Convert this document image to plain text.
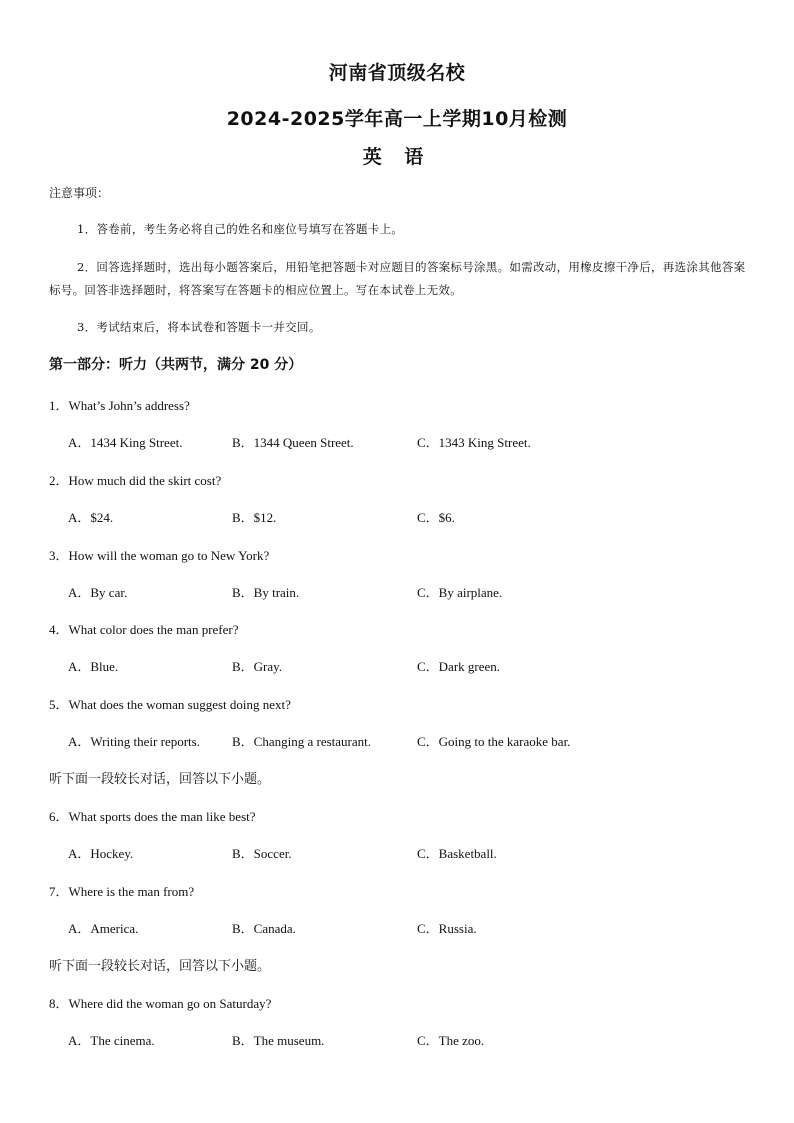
河南省顶级名校
2024-2025学年高一上学期10月检测
英 语
注意事项：
1．答卷前，考生务必将自己的姓名和座位号填写在答题卡上。
2．回答选择题时，选出每小题答案后，用铅笔把答题卡对应题目的答案标号涂黑。如需改动，用橡皮擦干净后，再选涂其他答案标号。回答非选择题时，将答案写在答题卡的相应位置上。写在本试卷上无效。
3．考试结束后，将本试卷和答题卡一并交回。
第一部分：听力（共两节，满分 20 分）
1．What’s John’s address?
A．1434 King Street.	B．1344 Queen Street.	C．1343 King Street.
2．How much did the skirt cost?
A．$24.	B．$12.	C．$6.
3．How will the woman go to New York?
A．By car.	B．By train.	C．By airplane.
4．What color does the man prefer?
A．Blue.	B．Gray.	C．Dark green.
5．What does the woman suggest doing next?
A．Writing their reports. B．Changing a restaurant.	C．Going to the karaoke bar.
听下面一段较长对话，回答以下小题。
6．What sports does the man like best?
A．Hockey.	B．Soccer.	C．Basketball.
7．Where is the man from?
A．America.	B．Canada.	C．Russia.
听下面一段较长对话，回答以下小题。
8．Where did the woman go on Saturday?
A．The cinema.	B．The museum.	C．The zoo.
